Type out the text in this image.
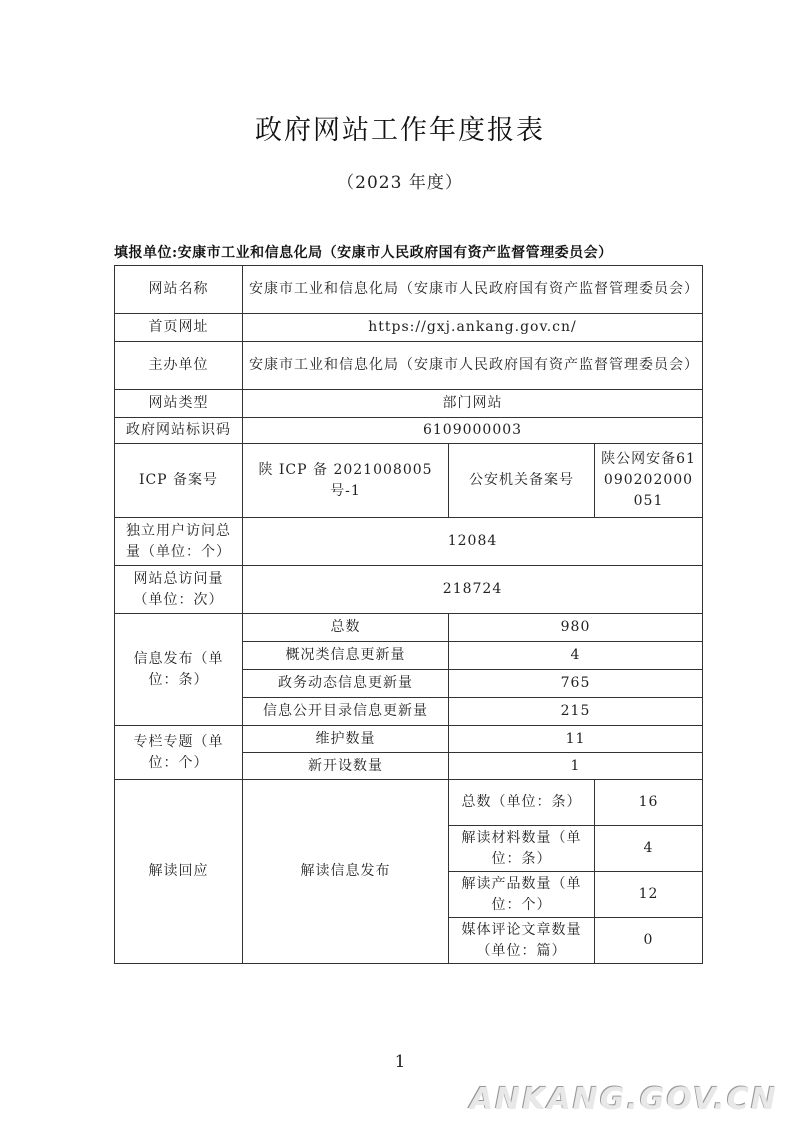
政府网站工作年度报表
（2023 年度）
填报单位:安康市工业和信息化局（安康市人民政府国有资产监督管理委员会）
网站名称	安康市工业和信息化局（安康市人民政府国有资产监督管理委员会）		
首页网址	https://gxj.ankang.gov.cn/		
主办单位	安康市工业和信息化局（安康市人民政府国有资产监督管理委员会）		
网站类型	部门网站		
政府网站标识码	6109000003		
ICP 备案号	陕 ICP 备 2021008005 号-1	公安机关备案号	陕公网安备61090202000051
独立用户访问总量（单位：个）	12084		
网站总访问量（单位：次）	218724		
信息发布（单位：条）	总数	980	
	概况类信息更新量	4	
	政务动态信息更新量	765	
	信息公开目录信息更新量	215	
专栏专题（单位：个）	维护数量	11	
	新开设数量	1	
解读回应	解读信息发布	总数（单位：条）	16
		解读材料数量（单位：条）	4
		解读产品数量（单位：个）	12
		媒体评论文章数量（单位：篇）	0
1
ANKANG.GOV.CN
